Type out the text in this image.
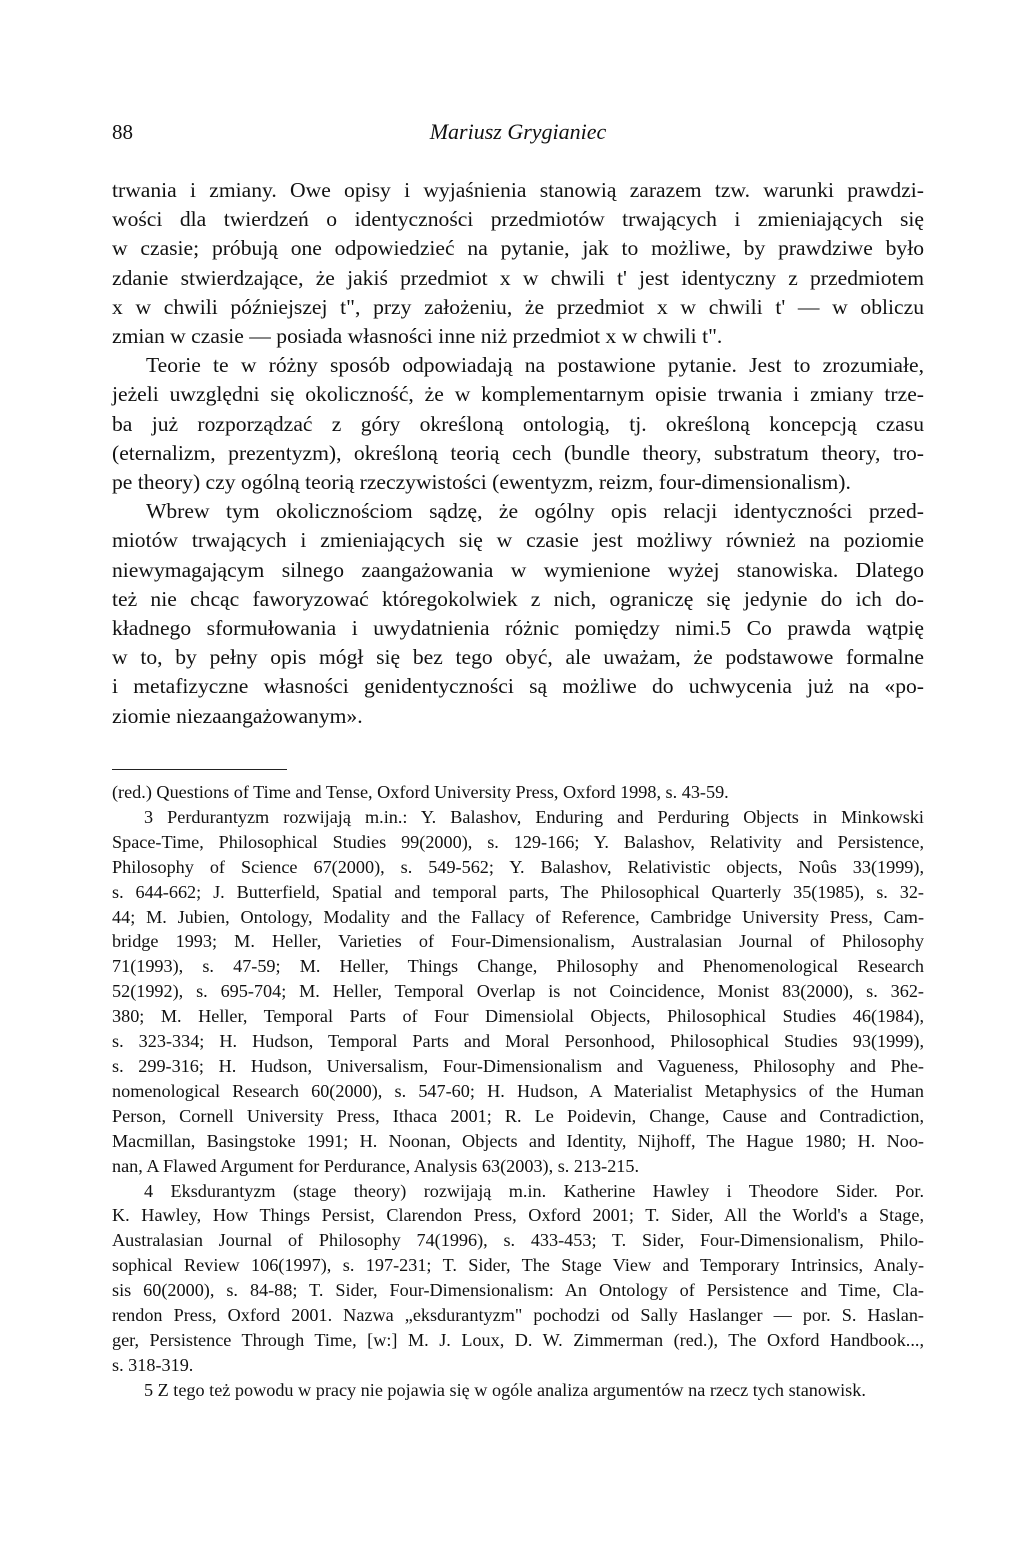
88	Mariusz Grygianiec

trwania i zmiany. Owe opisy i wyjaśnienia stanowią zarazem tzw. warunki prawdzi-
wości dla twierdzeń o identyczności przedmiotów trwających i zmieniających się
w czasie; próbują one odpowiedzieć na pytanie, jak to możliwe, by prawdziwe było
zdanie stwierdzające, że jakiś przedmiot x w chwili t' jest identyczny z przedmiotem
x w chwili późniejszej t", przy założeniu, że przedmiot x w chwili t' — w obliczu
zmian w czasie — posiada własności inne niż przedmiot x w chwili t".

Teorie te w różny sposób odpowiadają na postawione pytanie. Jest to zrozumiałe,
jeżeli uwzględni się okoliczność, że w komplementarnym opisie trwania i zmiany trze-
ba już rozporządzać z góry określoną ontologią, tj. określoną koncepcją czasu
(eternalizm, prezentyzm), określoną teorią cech (bundle theory, substratum theory, tro-
pe theory) czy ogólną teorią rzeczywistości (ewentyzm, reizm, four-dimensionalism).

Wbrew tym okolicznościom sądzę, że ogólny opis relacji identyczności przed-
miotów trwających i zmieniających się w czasie jest możliwy również na poziomie
niewymagającym silnego zaangażowania w wymienione wyżej stanowiska. Dlatego
też nie chcąc faworyzować któregokolwiek z nich, ograniczę się jedynie do ich do-
kładnego sformułowania i uwydatnienia różnic pomiędzy nimi.5 Co prawda wątpię
w to, by pełny opis mógł się bez tego obyć, ale uważam, że podstawowe formalne
i metafizyczne własności genidentyczności są możliwe do uchwycenia już na «po-
ziomie niezaangażowanym».

(red.) Questions of Time and Tense, Oxford University Press, Oxford 1998, s. 43-59.
3 Perdurantyzm rozwijają m.in.: Y. Balashov, Enduring and Perduring Objects in Minkowski
Space-Time, Philosophical Studies 99(2000), s. 129-166; Y. Balashov, Relativity and Persistence,
Philosophy of Science 67(2000), s. 549-562; Y. Balashov, Relativistic objects, Noûs 33(1999),
s. 644-662; J. Butterfield, Spatial and temporal parts, The Philosophical Quarterly 35(1985), s. 32-
44; M. Jubien, Ontology, Modality and the Fallacy of Reference, Cambridge University Press, Cam-
bridge 1993; M. Heller, Varieties of Four-Dimensionalism, Australasian Journal of Philosophy
71(1993), s. 47-59; M. Heller, Things Change, Philosophy and Phenomenological Research
52(1992), s. 695-704; M. Heller, Temporal Overlap is not Coincidence, Monist 83(2000), s. 362-
380; M. Heller, Temporal Parts of Four Dimensiolal Objects, Philosophical Studies 46(1984),
s. 323-334; H. Hudson, Temporal Parts and Moral Personhood, Philosophical Studies 93(1999),
s. 299-316; H. Hudson, Universalism, Four-Dimensionalism and Vagueness, Philosophy and Phe-
nomenological Research 60(2000), s. 547-60; H. Hudson, A Materialist Metaphysics of the Human
Person, Cornell University Press, Ithaca 2001; R. Le Poidevin, Change, Cause and Contradiction,
Macmillan, Basingstoke 1991; H. Noonan, Objects and Identity, Nijhoff, The Hague 1980; H. Noo-
nan, A Flawed Argument for Perdurance, Analysis 63(2003), s. 213-215.
4 Eksdurantyzm (stage theory) rozwijają m.in. Katherine Hawley i Theodore Sider. Por.
K. Hawley, How Things Persist, Clarendon Press, Oxford 2001; T. Sider, All the World's a Stage,
Australasian Journal of Philosophy 74(1996), s. 433-453; T. Sider, Four-Dimensionalism, Philo-
sophical Review 106(1997), s. 197-231; T. Sider, The Stage View and Temporary Intrinsics, Analy-
sis 60(2000), s. 84-88; T. Sider, Four-Dimensionalism: An Ontology of Persistence and Time, Cla-
rendon Press, Oxford 2001. Nazwa „eksdurantyzm" pochodzi od Sally Haslanger — por. S. Haslan-
ger, Persistence Through Time, [w:] M. J. Loux, D. W. Zimmerman (red.), The Oxford Handbook...,
s. 318-319.
5 Z tego też powodu w pracy nie pojawia się w ogóle analiza argumentów na rzecz tych stanowisk.
